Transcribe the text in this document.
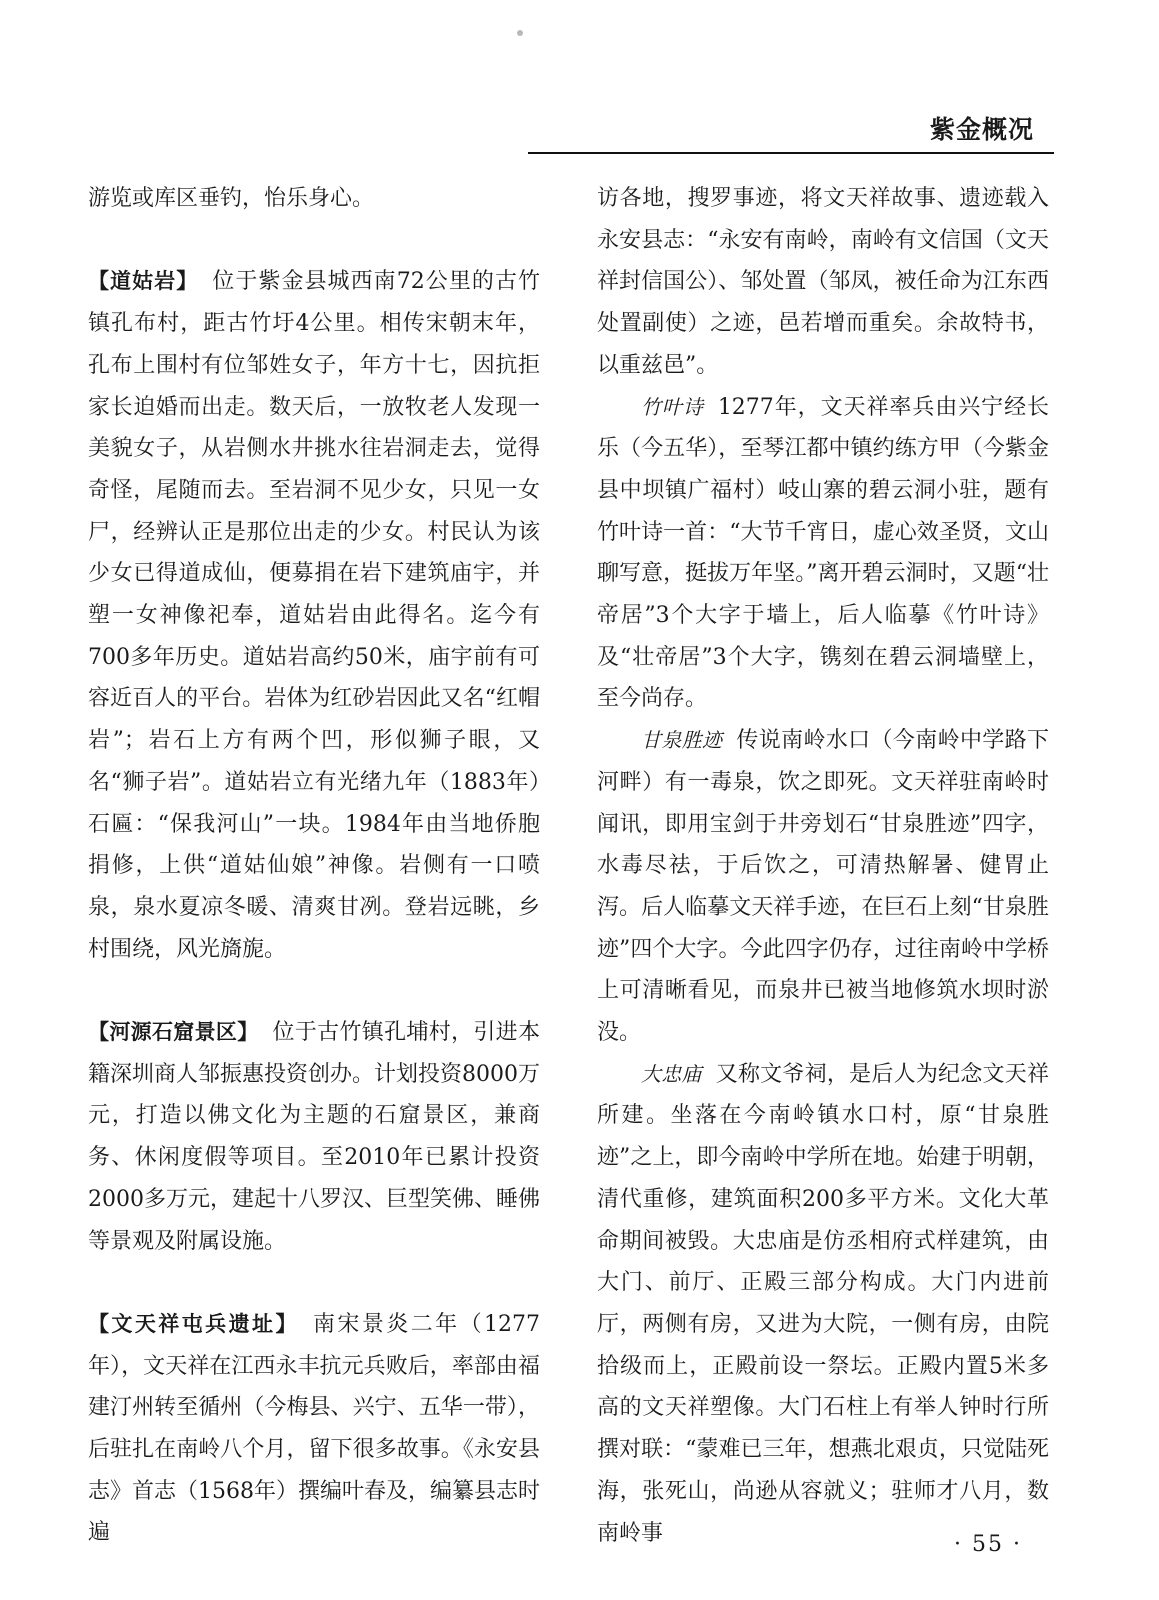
紫金概况

游览或库区垂钓，怡乐身心。

【道姑岩】 位于紫金县城西南72公里的古竹镇孔布村，距古竹圩4公里。相传宋朝末年，孔布上围村有位邹姓女子，年方十七，因抗拒家长迫婚而出走。数天后，一放牧老人发现一美貌女子，从岩侧水井挑水往岩洞走去，觉得奇怪，尾随而去。至岩洞不见少女，只见一女尸，经辨认正是那位出走的少女。村民认为该少女已得道成仙，便募捐在岩下建筑庙宇，并塑一女神像祀奉，道姑岩由此得名。迄今有700多年历史。道姑岩高约50米，庙宇前有可容近百人的平台。岩体为红砂岩因此又名“红帽岩”；岩石上方有两个凹，形似狮子眼，又名“狮子岩”。道姑岩立有光绪九年（1883年）石匾：“保我河山”一块。1984年由当地侨胞捐修，上供“道姑仙娘”神像。岩侧有一口喷泉，泉水夏凉冬暖、清爽甘冽。登岩远眺，乡村围绕，风光旖旎。

【河源石窟景区】 位于古竹镇孔埔村，引进本籍深圳商人邹振惠投资创办。计划投资8000万元，打造以佛文化为主题的石窟景区，兼商务、休闲度假等项目。至2010年已累计投资2000多万元，建起十八罗汉、巨型笑佛、睡佛等景观及附属设施。

【文天祥屯兵遗址】 南宋景炎二年（1277年），文天祥在江西永丰抗元兵败后，率部由福建汀州转至循州（今梅县、兴宁、五华一带），后驻扎在南岭八个月，留下很多故事。《永安县志》首志（1568年）撰编叶春及，编纂县志时遍

访各地，搜罗事迹，将文天祥故事、遗迹载入永安县志：“永安有南岭，南岭有文信国（文天祥封信国公）、邹处置（邹凤，被任命为江东西处置副使）之迹，邑若增而重矣。余故特书，以重兹邑”。

竹叶诗 1277年，文天祥率兵由兴宁经长乐（今五华），至琴江都中镇约练方甲（今紫金县中坝镇广福村）岐山寨的碧云洞小驻，题有竹叶诗一首：“大节千宵日，虚心效圣贤，文山聊写意，挺拔万年坚。”离开碧云洞时，又题“壮帝居”3个大字于墙上，后人临摹《竹叶诗》及“壮帝居”3个大字，镌刻在碧云洞墙壁上，至今尚存。

甘泉胜迹 传说南岭水口（今南岭中学路下河畔）有一毒泉，饮之即死。文天祥驻南岭时闻讯，即用宝剑于井旁划石“甘泉胜迹”四字，水毒尽祛，于后饮之，可清热解暑、健胃止泻。后人临摹文天祥手迹，在巨石上刻“甘泉胜迹”四个大字。今此四字仍存，过往南岭中学桥上可清晰看见，而泉井已被当地修筑水坝时淤没。

大忠庙 又称文爷祠，是后人为纪念文天祥所建。坐落在今南岭镇水口村，原“甘泉胜迹”之上，即今南岭中学所在地。始建于明朝，清代重修，建筑面积200多平方米。文化大革命期间被毁。大忠庙是仿丞相府式样建筑，由大门、前厅、正殿三部分构成。大门内进前厅，两侧有房，又进为大院，一侧有房，由院拾级而上，正殿前设一祭坛。正殿内置5米多高的文天祥塑像。大门石柱上有举人钟时行所撰对联：“蒙难已三年，想燕北艰贞，只觉陆死海，张死山，尚逊从容就义；驻师才八月，数南岭事	· 55 ·
